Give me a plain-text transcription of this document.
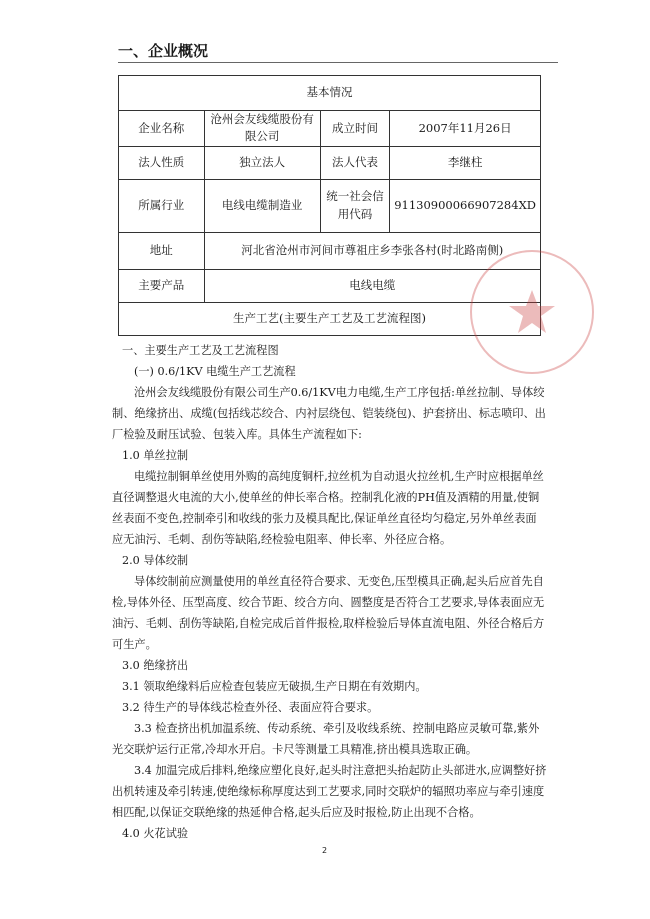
一、企业概况
基本情况			
企业名称	沧州会友线缆股份有限公司	成立时间	2007年11月26日
法人性质	独立法人	法人代表	李继柱
所属行业	电线电缆制造业	统一社会信用代码	91130900066907284XD
地址	河北省沧州市河间市尊祖庄乡李张各村(时北路南侧)		
主要产品	电线电缆		
生产工艺(主要生产工艺及工艺流程图)			

一、主要生产工艺及工艺流程图

(一) 0.6/1KV 电缆生产工艺流程

沧州会友线缆股份有限公司生产0.6/1KV电力电缆,生产工序包括:单丝拉制、导体绞制、绝缘挤出、成缆(包括线芯绞合、内衬层绕包、铠装绕包)、护套挤出、标志喷印、出厂检验及耐压试验、包装入库。具体生产流程如下:

1.0 单丝拉制

电缆拉制铜单丝使用外购的高纯度铜杆,拉丝机为自动退火拉丝机,生产时应根据单丝直径调整退火电流的大小,使单丝的伸长率合格。控制乳化液的PH值及酒精的用量,使铜丝表面不变色,控制牵引和收线的张力及模具配比,保证单丝直径均匀稳定,另外单丝表面应无油污、毛刺、刮伤等缺陷,经检验电阻率、伸长率、外径应合格。

2.0 导体绞制

导体绞制前应测量使用的单丝直径符合要求、无变色,压型模具正确,起头后应首先自检,导体外径、压型高度、绞合节距、绞合方向、圆整度是否符合工艺要求,导体表面应无油污、毛刺、刮伤等缺陷,自检完成后首件报检,取样检验后导体直流电阻、外径合格后方可生产。

3.0 绝缘挤出

3.1 领取绝缘料后应检查包装应无破损,生产日期在有效期内。

3.2 待生产的导体线芯检查外径、表面应符合要求。

3.3 检查挤出机加温系统、传动系统、牵引及收线系统、控制电路应灵敏可靠,紫外光交联炉运行正常,冷却水开启。卡尺等测量工具精准,挤出模具选取正确。

3.4 加温完成后排料,绝缘应塑化良好,起头时注意把头抬起防止头部进水,应调整好挤出机转速及牵引转速,使绝缘标称厚度达到工艺要求,同时交联炉的辐照功率应与牵引速度相匹配,以保证交联绝缘的热延伸合格,起头后应及时报检,防止出现不合格。

4.0 火花试验

2
